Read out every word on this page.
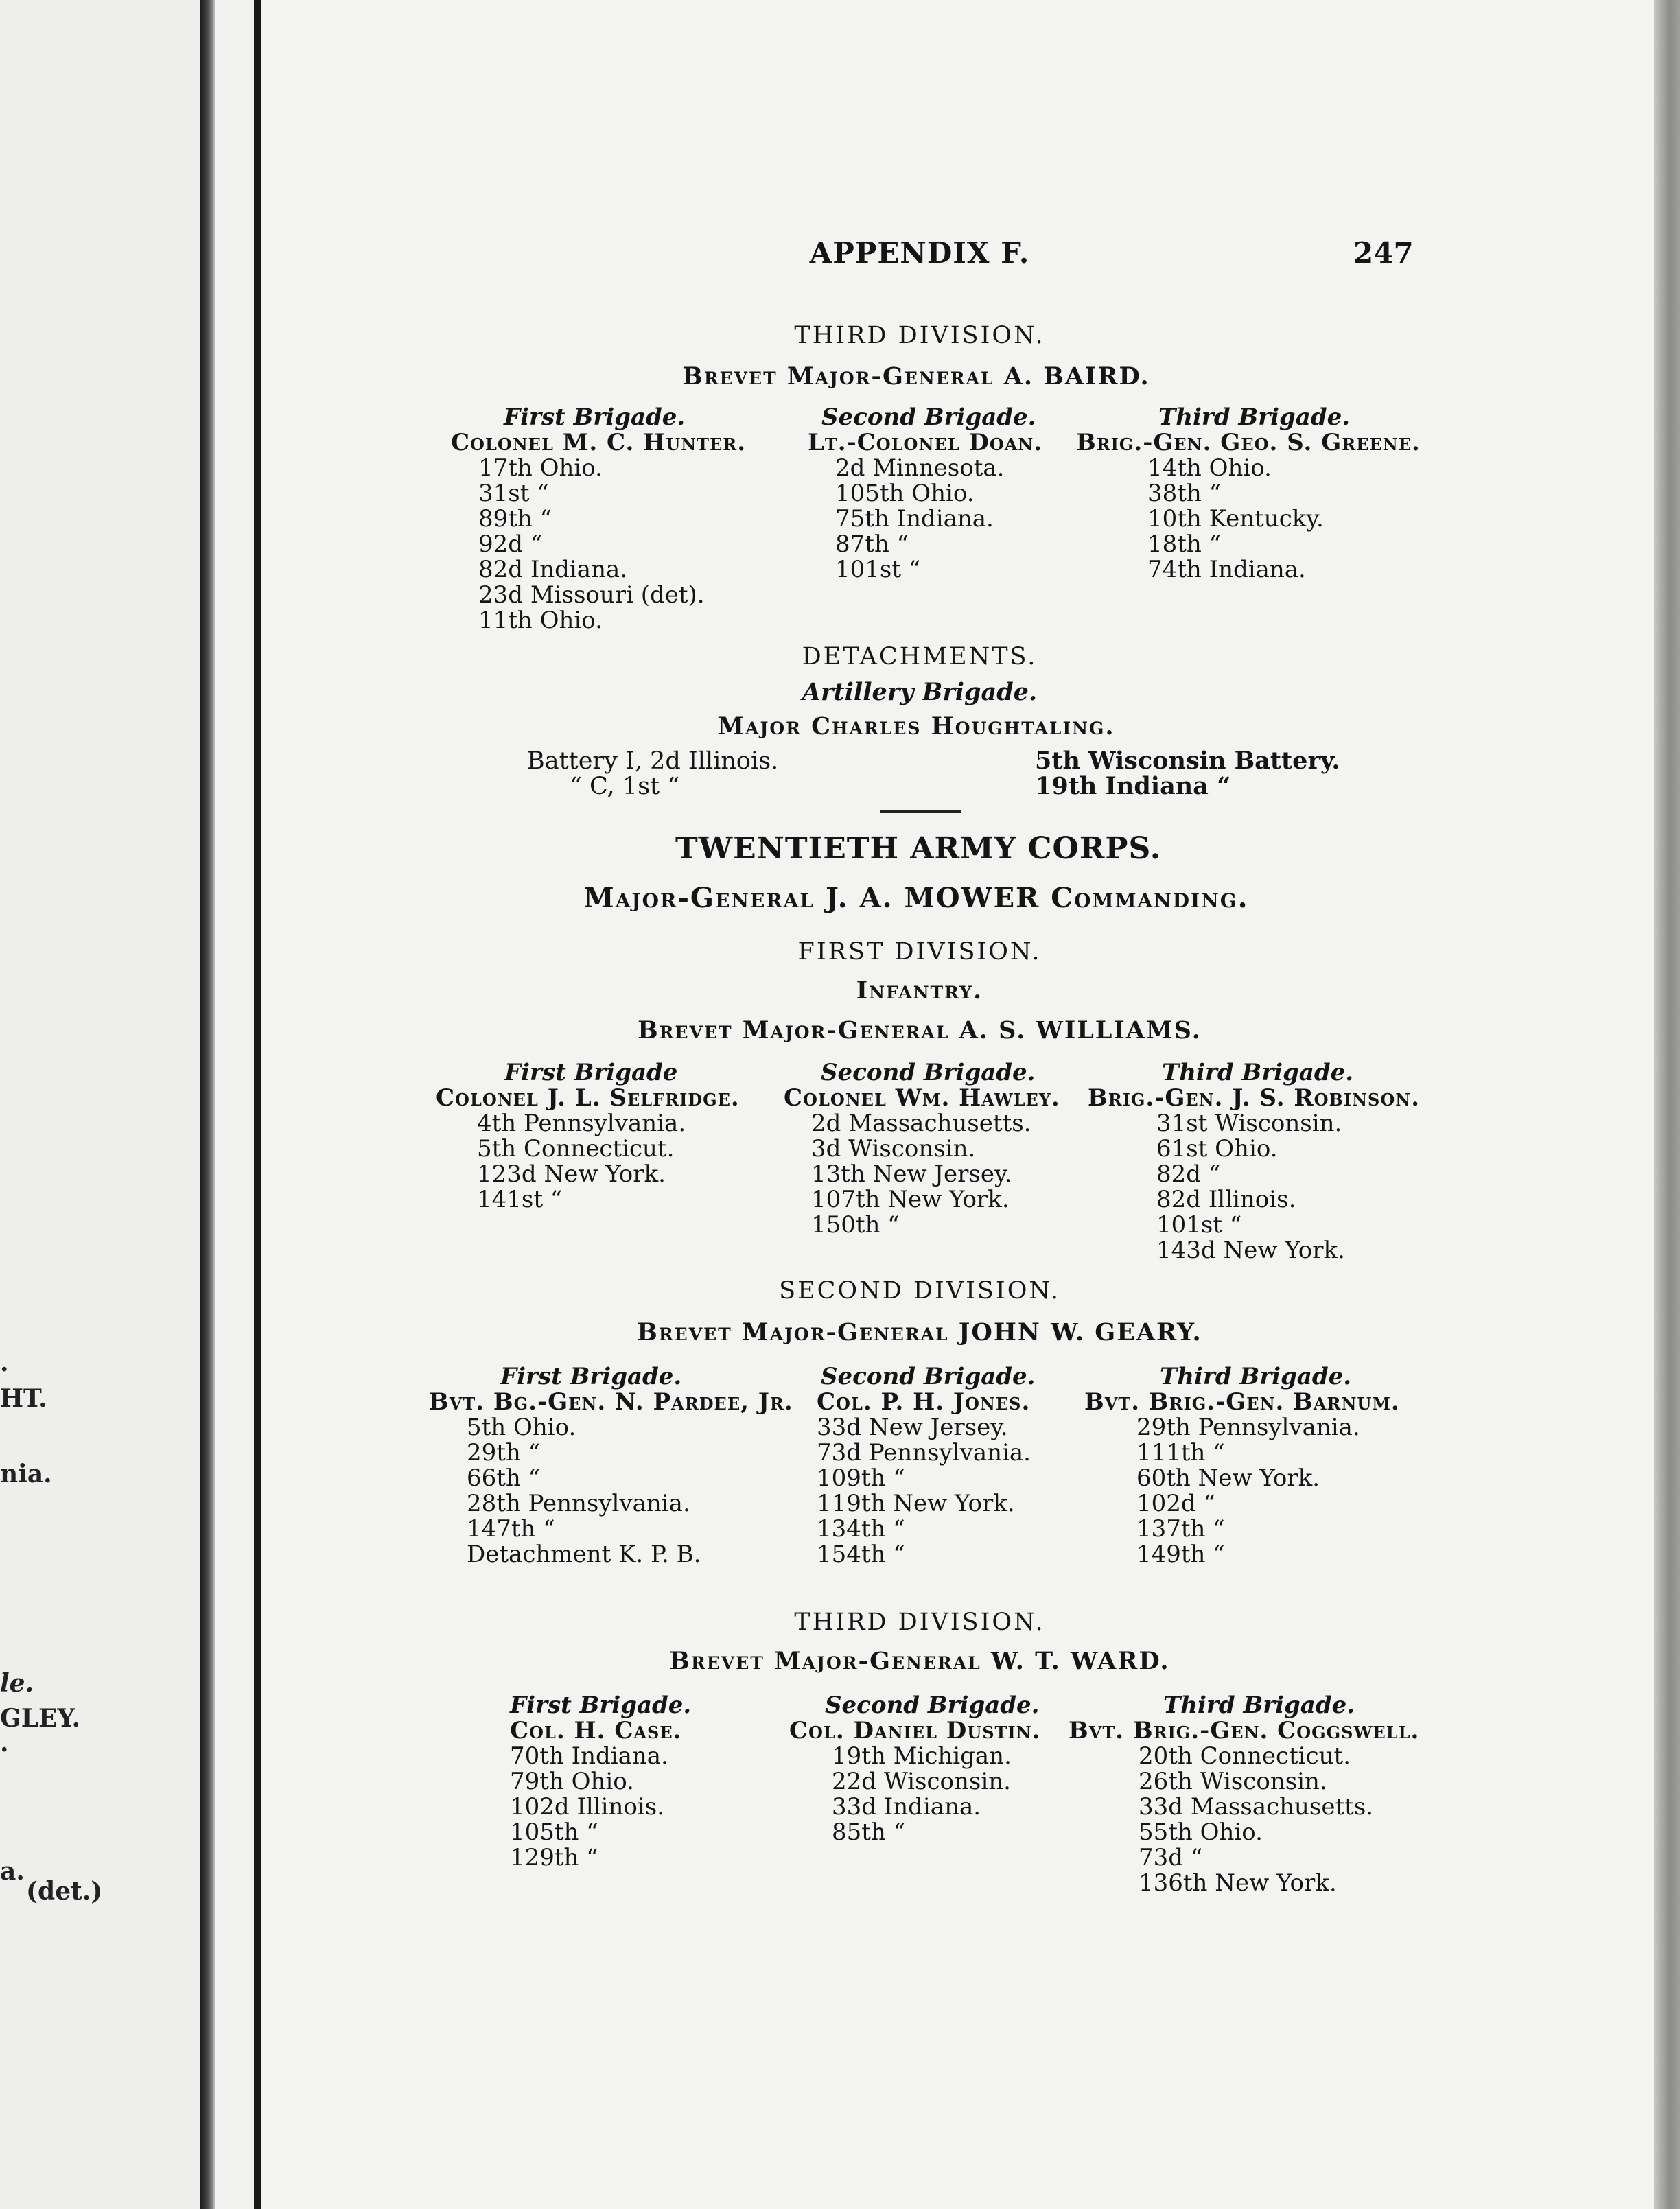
.
HT.
nia.
le.
GLEY.
.
a.
(det.)
APPENDIX F.	247
THIRD DIVISION.
Brevet Major-General A. BAIRD.
First Brigade.
Colonel M. C. Hunter.
17th Ohio.
31st “
89th “
92d “
82d Indiana.
23d Missouri (det).
11th Ohio.
Second Brigade.
Lt.-Colonel Doan.
2d Minnesota.
105th Ohio.
75th Indiana.
87th “
101st “
Third Brigade.
Brig.-Gen. Geo. S. Greene.
14th Ohio.
38th “
10th Kentucky.
18th “
74th Indiana.
DETACHMENTS.
Artillery Brigade.
Major Charles Houghtaling.
Battery I, 2d Illinois.
“ C, 1st “
5th Wisconsin Battery.
19th Indiana “
TWENTIETH ARMY CORPS.
Major-General J. A. MOWER Commanding.
FIRST DIVISION.
Infantry.
Brevet Major-General A. S. WILLIAMS.
First Brigade
Colonel J. L. Selfridge.
4th Pennsylvania.
5th Connecticut.
123d New York.
141st “
Second Brigade.
Colonel Wm. Hawley.
2d Massachusetts.
3d Wisconsin.
13th New Jersey.
107th New York.
150th “
Third Brigade.
Brig.-Gen. J. S. Robinson.
31st Wisconsin.
61st Ohio.
82d “
82d Illinois.
101st “
143d New York.
SECOND DIVISION.
Brevet Major-General JOHN W. GEARY.
First Brigade.
Bvt. Bg.-Gen. N. Pardee, Jr.
5th Ohio.
29th “
66th “
28th Pennsylvania.
147th “
Detachment K. P. B.
Second Brigade.
Col. P. H. Jones.
33d New Jersey.
73d Pennsylvania.
109th “
119th New York.
134th “
154th “
Third Brigade.
Bvt. Brig.-Gen. Barnum.
29th Pennsylvania.
111th “
60th New York.
102d “
137th “
149th “
THIRD DIVISION.
Brevet Major-General W. T. WARD.
First Brigade.
Col. H. Case.
70th Indiana.
79th Ohio.
102d Illinois.
105th “
129th “
Second Brigade.
Col. Daniel Dustin.
19th Michigan.
22d Wisconsin.
33d Indiana.
85th “
Third Brigade.
Bvt. Brig.-Gen. Coggswell.
20th Connecticut.
26th Wisconsin.
33d Massachusetts.
55th Ohio.
73d “
136th New York.
